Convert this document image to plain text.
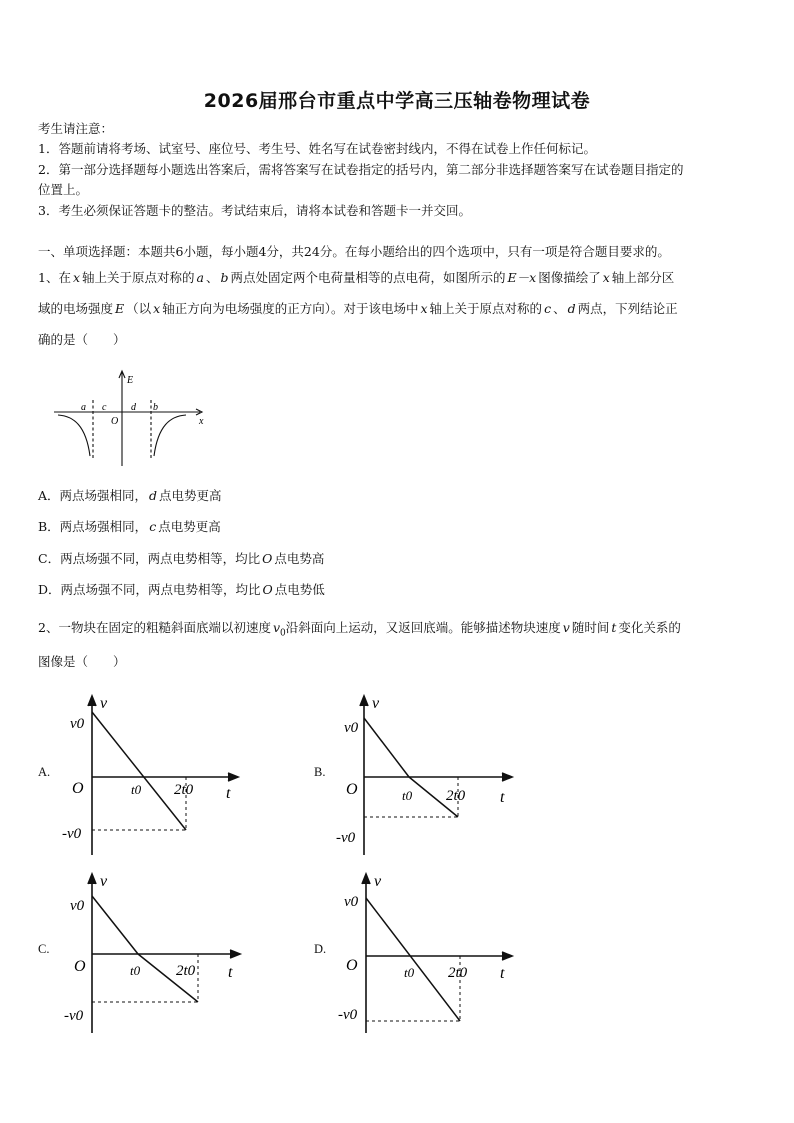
2026届邢台市重点中学高三压轴卷物理试卷
考生请注意：
1．答题前请将考场、试室号、座位号、考生号、姓名写在试卷密封线内，不得在试卷上作任何标记。
2．第一部分选择题每小题选出答案后，需将答案写在试卷指定的括号内，第二部分非选择题答案写在试卷题目指定的
位置上。
3．考生必须保证答题卡的整洁。考试结束后，请将本试卷和答题卡一并交回。
一、单项选择题：本题共6小题，每小题4分，共24分。在每小题给出的四个选项中，只有一项是符合题目要求的。
1、在 x 轴上关于原点对称的 a 、 b 两点处固定两个电荷量相等的点电荷，如图所示的 E－x 图像描绘了 x 轴上部分区
域的电场强度 E （以 x 轴正方向为电场强度的正方向）。对于该电场中 x 轴上关于原点对称的 c 、 d 两点，下列结论正
确的是（　　）
E
x
O
a c d b
A．两点场强相同， d 点电势更高
B．两点场强相同， c 点电势更高
C．两点场强不同，两点电势相等，均比 O 点电势高
D．两点场强不同，两点电势相等，均比 O 点电势低
2、一物块在固定的粗糙斜面底端以初速度 $v_0$沿斜面向上运动，又返回底端。能够描述物块速度 v 随时间 t 变化关系的
图像是（　　）
A.	B.
C.	D.
v
v0
O	t0 2t0 t
-v0
v
v0
O	t0 2t0 t
-v0
v
v0
O	t0 2t0 t
-v0
v
v0
O	t0 2t0 t
-v0
